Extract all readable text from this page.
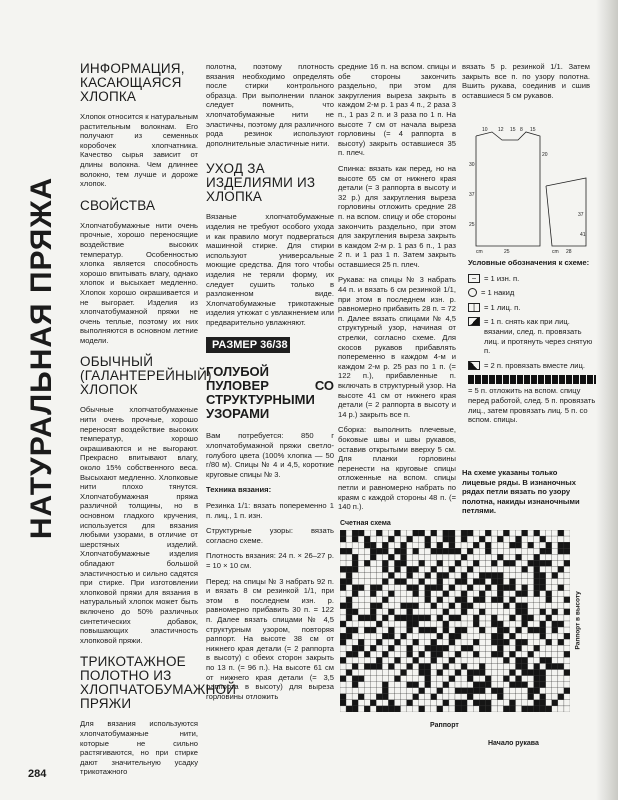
НАТУРАЛЬНАЯ ПРЯЖА
ИНФОРМАЦИЯ, КАСАЮЩАЯСЯ ХЛОПКА

Хлопок относится к натуральным растительным волокнам. Его получают из семенных коробочек хлопчатника. Качество сырья зависит от длины волокна. Чем длиннее волокно, тем лучше и дороже хлопок.

СВОЙСТВА

Хлопчатобумажные нити очень прочные, хорошо переносящие воздействие высоких температур. Особенностью хлопка является способность хорошо впитывать влагу, однако хлопок и высыхает медленно. Хлопок хорошо окрашивается и не выгорает. Изделия из хлопчатобумажной пряжи не очень теплые, поэтому их них выполняются в основном летние модели.

ОБЫЧНЫЙ (ГАЛАНТЕРЕЙНЫЙ) ХЛОПОК

Обычные хлопчатобумажные нити очень прочные, хорошо переносят воздействие высоких температур, хорошо окрашиваются и не выгорают. Прекрасно впитывают влагу, около 15% собственного веса. Высыхают медленно. Хлопковые нити плохо тянутся. Хлопчатобумажная пряжа различной толщины, но в основном гладкого кручения, используется для вязания любыми узорами, в отличие от шерстяных изделий. Хлопчатобумажные изделия обладают большой эластичностью и сильно садятся при стирке. При изготовлении хлопковой пряжи для вязания в натуральный хлопок может быть включено до 50% различных синтетических добавок, повышающих эластичность хлопковой пряжи.

ТРИКОТАЖНОЕ ПОЛОТНО ИЗ ХЛОПЧАТОБУМАЖНОЙ ПРЯЖИ

Для вязания используются хлопчатобумажные нити, которые не сильно растягиваются, но при стирке дают значительную усадку трикотажного

полотна, поэтому плотность вязания необходимо определять после стирки контрольного образца. При выполнении планок следует помнить, что хлопчатобумажные нити не эластичны, поэтому для различного рода резинок используют дополнительные эластичные нити.

УХОД ЗА ИЗДЕЛИЯМИ ИЗ ХЛОПКА

Вязаные хлопчатобумажные изделия не требуют особого ухода и как правило могут подвергаться машинной стирке. Для стирки используют универсальные моющие средства. Для того чтобы изделия не теряли форму, их следует сушить только в разложенном виде. Хлопчатобумажные трикотажные изделия утюжат с увлажнением или предварительно увлажняют.

РАЗМЕР 36/38
ГОЛУБОЙ ПУЛОВЕР СО СТРУКТУРНЫМИ УЗОРАМИ

Вам потребуется: 850 г хлопчатобумажной пряжи светло-голубого цвета (100% хлопка — 50 г/80 м). Спицы № 4 и 4,5, короткие круговые спицы № 3.

Техника вязания:

Резинка 1/1: вязать попеременно 1 п. лиц., 1 п. изн.

Структурные узоры: вязать согласно схеме.

Плотность вязания: 24 п. × 26–27 р. = 10 × 10 см.

Перед: на спицы № 3 набрать 92 п. и вязать 8 см резинкой 1/1, при этом в последнем изн. р. равномерно прибавить 30 п. = 122 п. Далее вязать спицами № 4,5 структурным узором, повторяя раппорт. На высоте 38 см от нижнего края детали (= 2 раппорта в высоту) с обеих сторон закрыть по 13 п. (= 96 п.). На высоте 61 см от нижнего края детали (= 3,5 раппорта в высоту) для выреза горловины отложить

средние 16 п. на вспом. спицы и обе стороны закончить раздельно, при этом для закругления выреза закрыть в каждом 2-м р. 1 раз 4 п., 2 раза 3 п., 1 раз 2 п. и 3 раза по 1 п. На высоте 7 см от начала выреза горловины (= 4 раппорта в высоту) закрыть оставшиеся 35 п. плеч.

Спинка: вязать как перед, но на высоте 65 см от нижнего края детали (= 3 раппорта в высоту и 32 р.) для закругления выреза горловины отложить средние 28 п. на вспом. спицу и обе стороны закончить раздельно, при этом для закругления выреза закрыть в каждом 2-м р. 1 раз 6 п., 1 раз 2 п. и 1 раз 1 п. Затем закрыть оставшиеся 25 п. плеч.

Рукава: на спицы № 3 набрать 44 п. и вязать 6 см резинкой 1/1, при этом в последнем изн. р. равномерно прибавить 28 п. = 72 п. Далее вязать спицами № 4,5 структурный узор, начиная от стрелки, согласно схеме. Для скосов рукавов прибавлять попеременно в каждом 4-м и каждом 2-м р. 25 раз по 1 п. (= 122 п.), прибавленные п. включать в структурный узор. На высоте 41 см от нижнего края детали (= 2 раппорта в высоту и 14 р.) закрыть все п.

Сборка: выполнить плечевые, боковые швы и швы рукавов, оставив открытыми вверху 5 см. Для планки горловины перенести на круговые спицы отложенные на вспом. спицы петли и равномерно набрать по краям с каждой стороны 48 п. (= 140 п.).

вязать 5 р. резинкой 1/1. Затем закрыть все п. по узору полотна. Вшить рукава, соединив и сшив оставшиеся 5 см рукавов.

10 12 15 8 15
30
37
25
20
37
41
cm	25	cm 28
Условные обозначения к схеме:
−	= 1 изн. п.
= 1 накид
|	= 1 лиц. п.
= 1 п. снять как при лиц. вязании, след. п. провязать лиц. и протянуть через снятую п.
= 2 п. провязать вместе лиц.
= 5 п. отложить на вспом. спицу перед работой, след. 5 п. провязать лиц., затем провязать лиц. 5 п. со вспом. спицы.
На схеме указаны только лицевые ряды. В изнаночных рядах петли вязать по узору полотна, накиды изнаночными петлями.
Счетная схема
Раппорт в высоту
Раппорт
Начало рукава
284
